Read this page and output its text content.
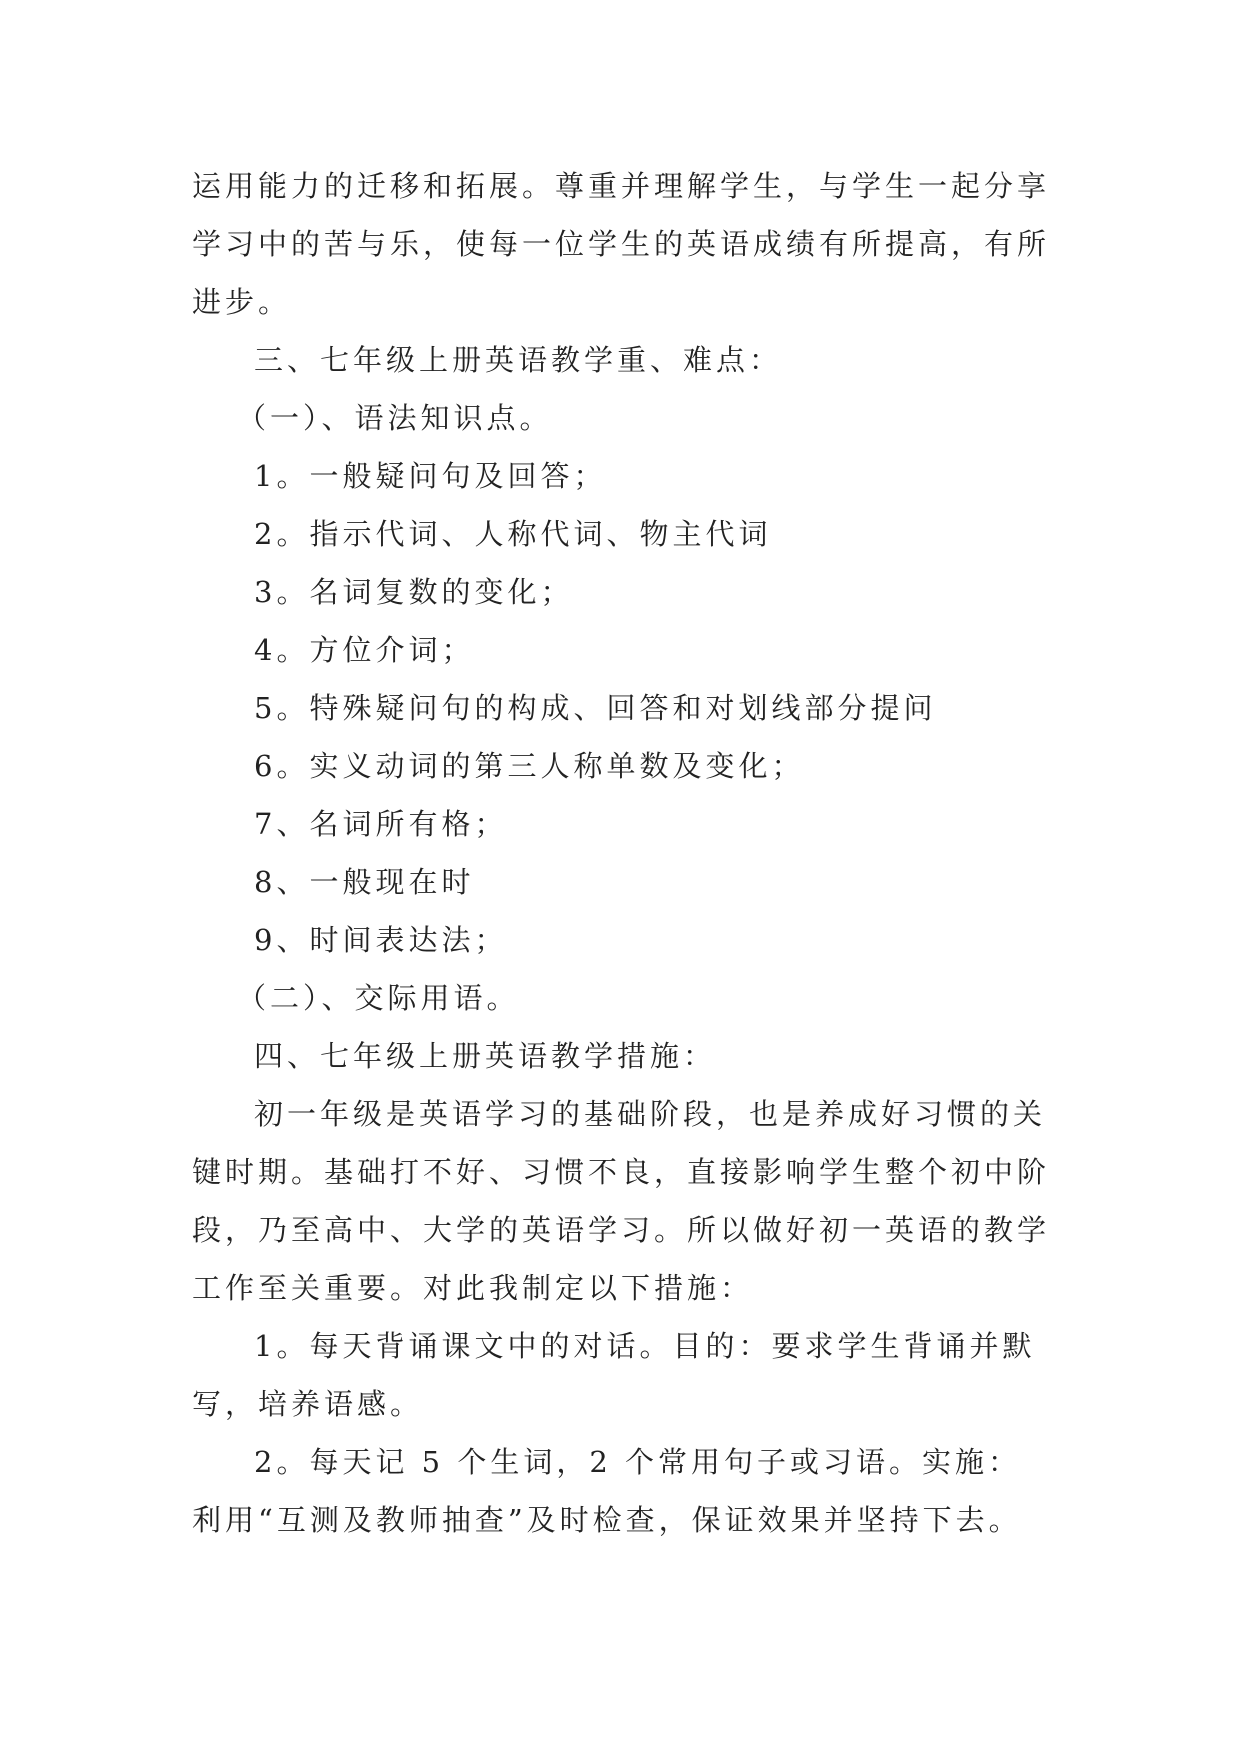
运用能力的迁移和拓展。尊重并理解学生，与学生一起分享学习中的苦与乐，使每一位学生的英语成绩有所提高，有所进步。

三、七年级上册英语教学重、难点：

（一）、语法知识点。

1。一般疑问句及回答；

2。指示代词、人称代词、物主代词

3。名词复数的变化；

4。方位介词；

5。特殊疑问句的构成、回答和对划线部分提问

6。实义动词的第三人称单数及变化；

7、名词所有格；

8、一般现在时

9、时间表达法；

（二）、交际用语。

四、七年级上册英语教学措施：

初一年级是英语学习的基础阶段，也是养成好习惯的关键时期。基础打不好、习惯不良，直接影响学生整个初中阶段，乃至高中、大学的英语学习。所以做好初一英语的教学工作至关重要。对此我制定以下措施：

1。每天背诵课文中的对话。目的：要求学生背诵并默写，培养语感。

2。每天记 5 个生词，2 个常用句子或习语。实施：利用“互测及教师抽查”及时检查，保证效果并坚持下去。
